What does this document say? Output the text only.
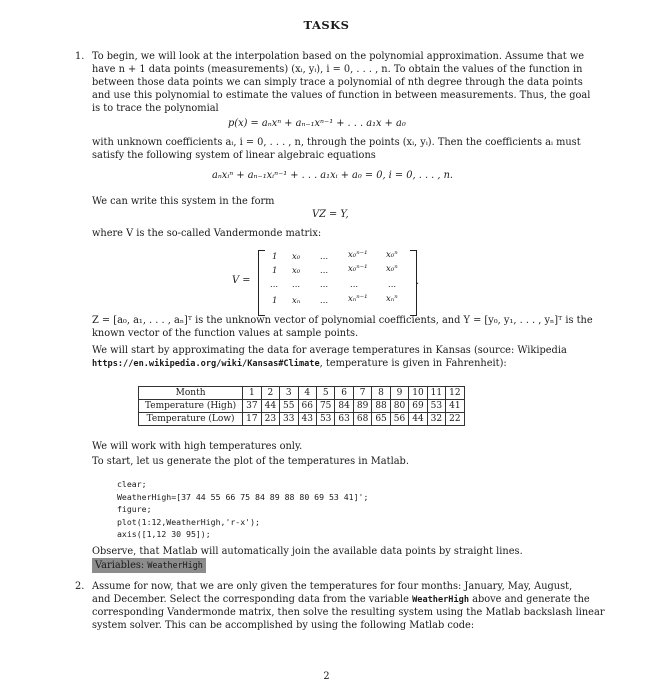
TASKS
1. To begin, we will look at the interpolation based on the polynomial approximation. Assume that we
have n + 1 data points (measurements) (xᵢ, yᵢ), i = 0, . . . , n. To obtain the values of the function in
between those data points we can simply trace a polynomial of nth degree through the data points
and use this polynomial to estimate the values of function in between measurements. Thus, the goal
is to trace the polynomial
p(x) = aₙxⁿ + aₙ₋₁xⁿ⁻¹ + . . . a₁x + a₀
with unknown coefficients aᵢ, i = 0, . . . , n, through the points (xᵢ, yᵢ). Then the coefficients aᵢ must
satisfy the following system of linear algebraic equations
aₙxᵢⁿ + aₙ₋₁xᵢⁿ⁻¹ + . . . a₁xᵢ + a₀ = 0, i = 0, . . . , n.
We can write this system in the form
VZ = Y,
where V is the so-called Vandermonde matrix:
V =
1 x₀ ... x₀ⁿ⁻¹ x₀ⁿ
1 x₀ ... x₀ⁿ⁻¹ x₀ⁿ
... ... ...	...	...
1 xₙ ... xₙⁿ⁻¹ xₙⁿ
.
Z = [a₀, a₁, . . . , aₙ]ᵀ is the unknown vector of polynomial coefficients, and Y = [y₀, y₁, . . . , yₙ]ᵀ is the
known vector of the function values at sample points.
We will start by approximating the data for average temperatures in Kansas (source: Wikipedia
https://en.wikipedia.org/wiki/Kansas#Climate, temperature is given in Fahrenheit):
Month	1	2	3	4	5	6	7	8	9	10	11	12
Temperature (High)	37	44	55	66	75	84	89	88	80	69	53	41
Temperature (Low)	17	23	33	43	53	63	68	65	56	44	32	22
We will work with high temperatures only.
To start, let us generate the plot of the temperatures in Matlab.
clear;
WeatherHigh=[37 44 55 66 75 84 89 88 80 69 53 41]';
figure;
plot(1:12,WeatherHigh,'r-x');
axis([1,12 30 95]);
Observe, that Matlab will automatically join the available data points by straight lines.
Variables: WeatherHigh
2. Assume for now, that we are only given the temperatures for four months: January, May, August,
and December. Select the corresponding data from the variable WeatherHigh above and generate the
corresponding Vandermonde matrix, then solve the resulting system using the Matlab backslash linear
system solver. This can be accomplished by using the following Matlab code:
2
